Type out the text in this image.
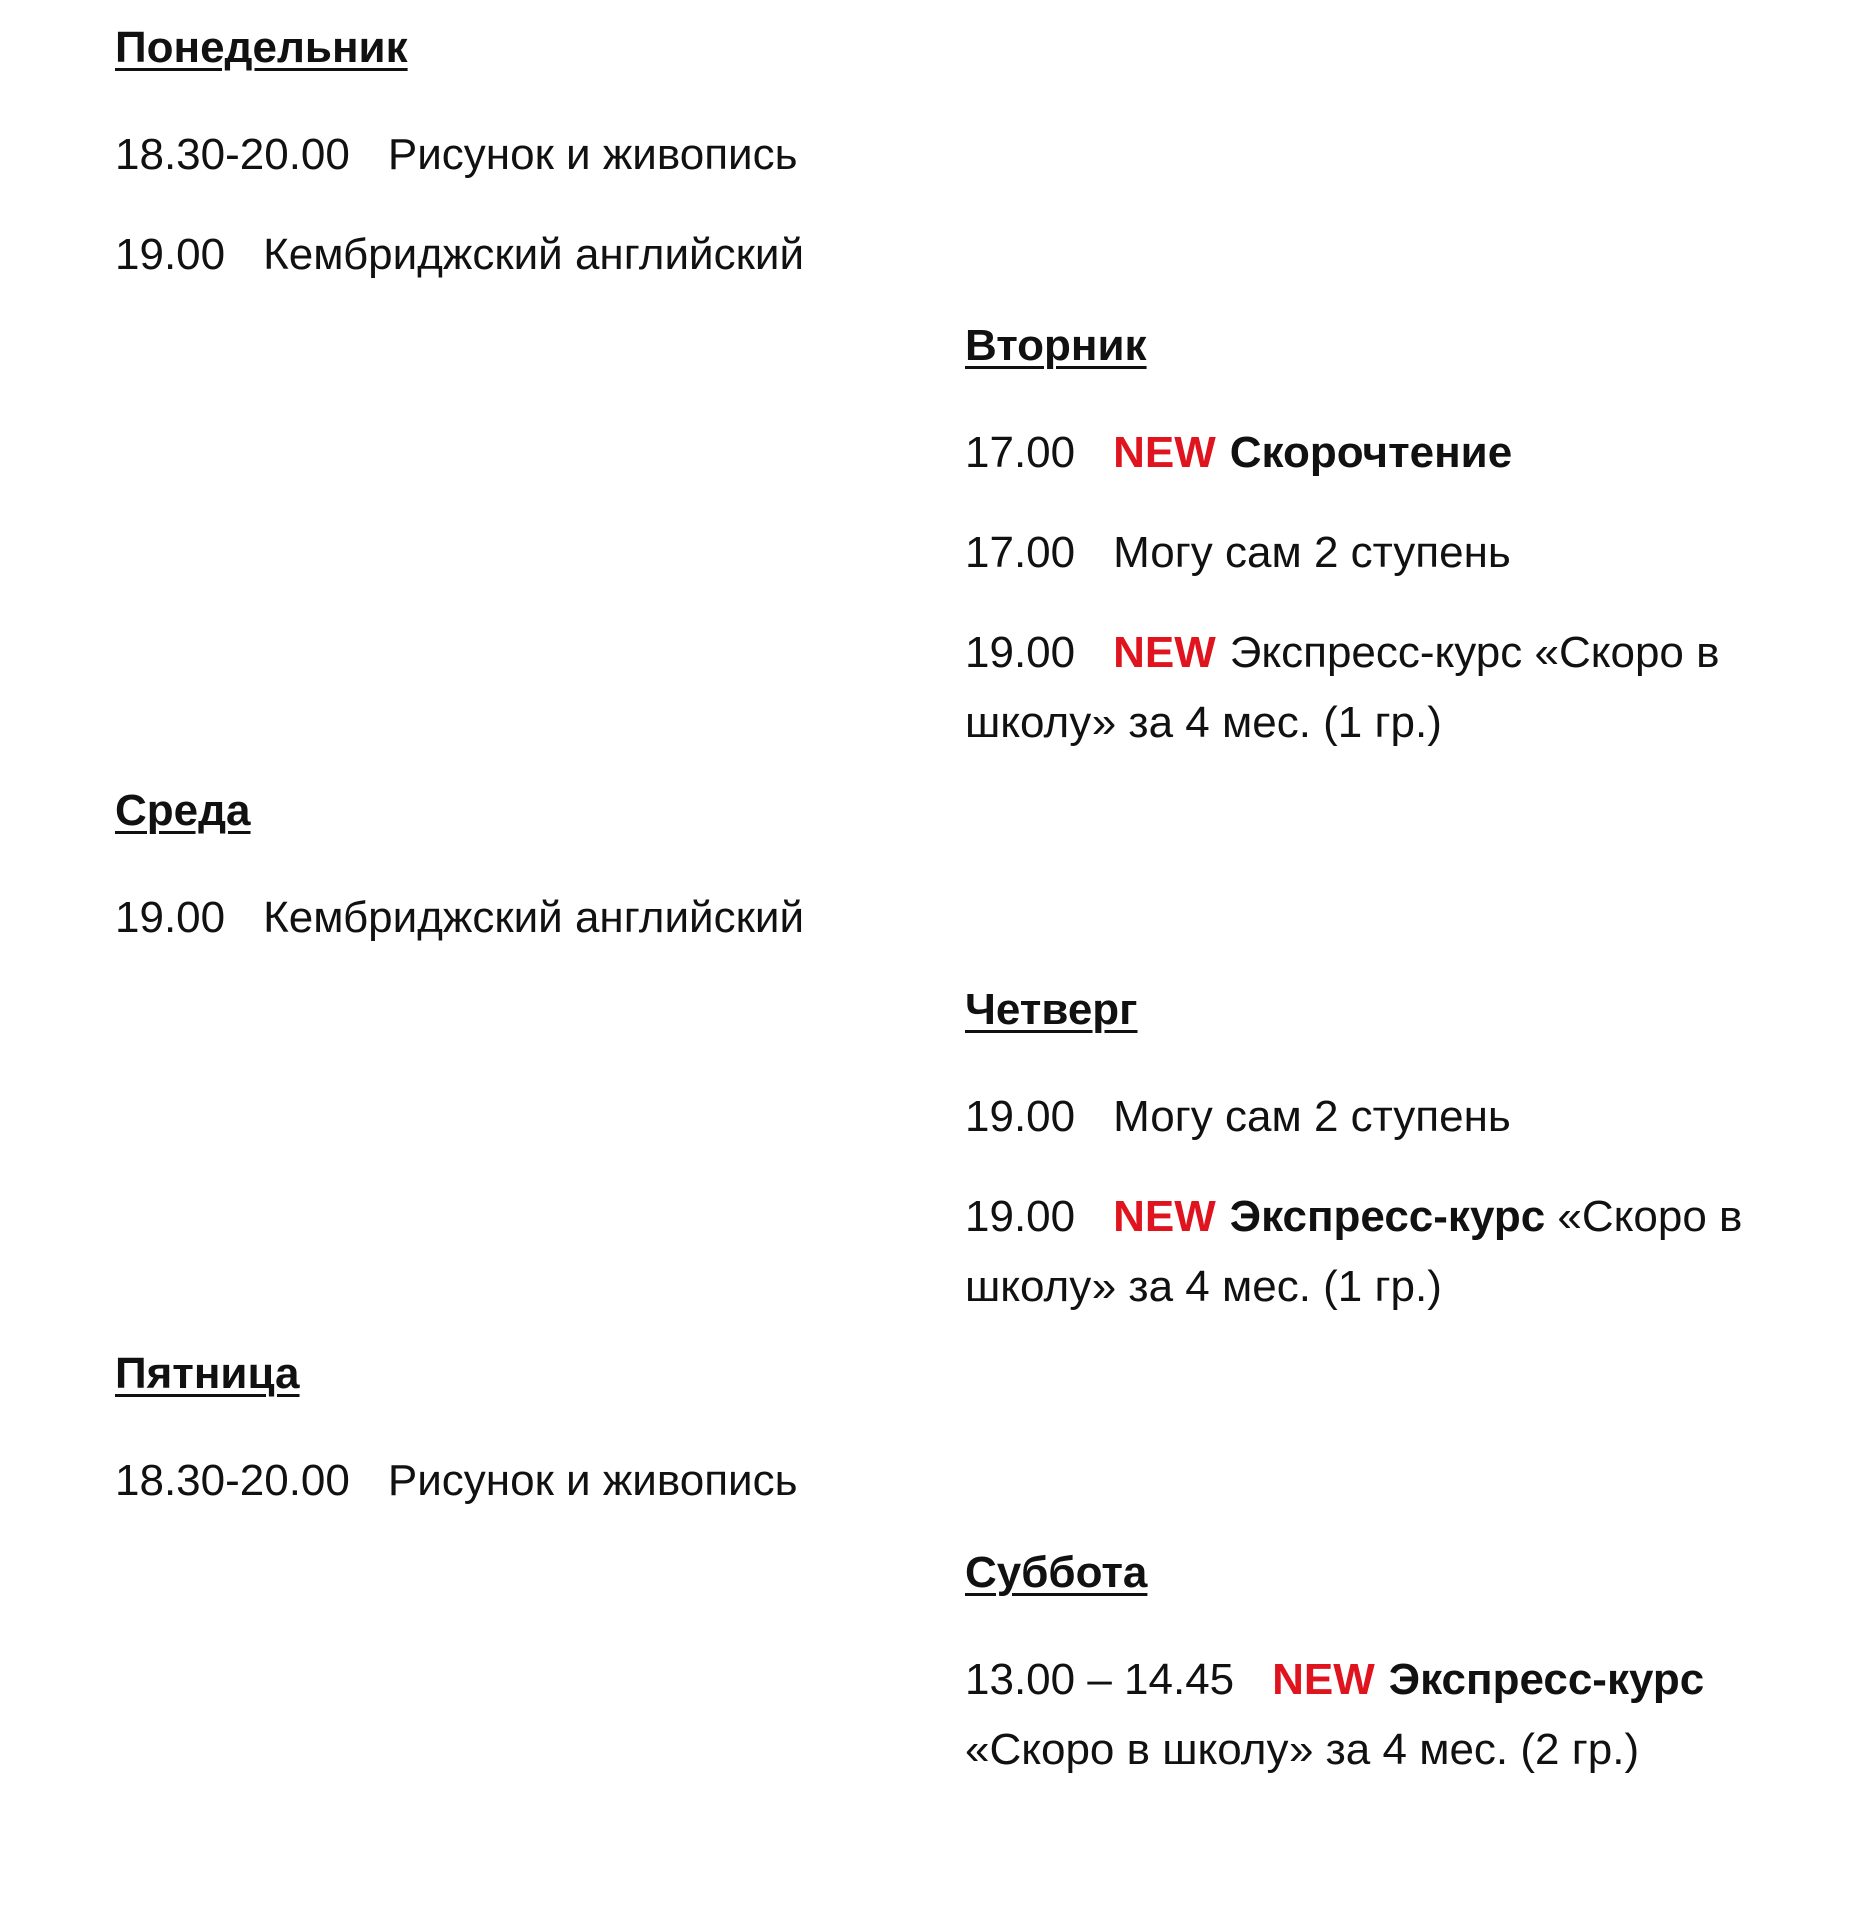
Понедельник
18.30-20.00 Рисунок и живопись
19.00 Кембриджский английский
Вторник
17.00 NEW Скорочтение
17.00 Могу сам 2 ступень
19.00 NEW Экспресс-курс «Скоро в школу» за 4 мес. (1 гр.)
Среда
19.00 Кембриджский английский
Четверг
19.00 Могу сам 2 ступень
19.00 NEW Экспресс-курс «Скоро в школу» за 4 мес. (1 гр.)
Пятница
18.30-20.00 Рисунок и живопись
Суббота
13.00 – 14.45 NEW Экспресс-курс «Скоро в школу» за 4 мес. (2 гр.)
